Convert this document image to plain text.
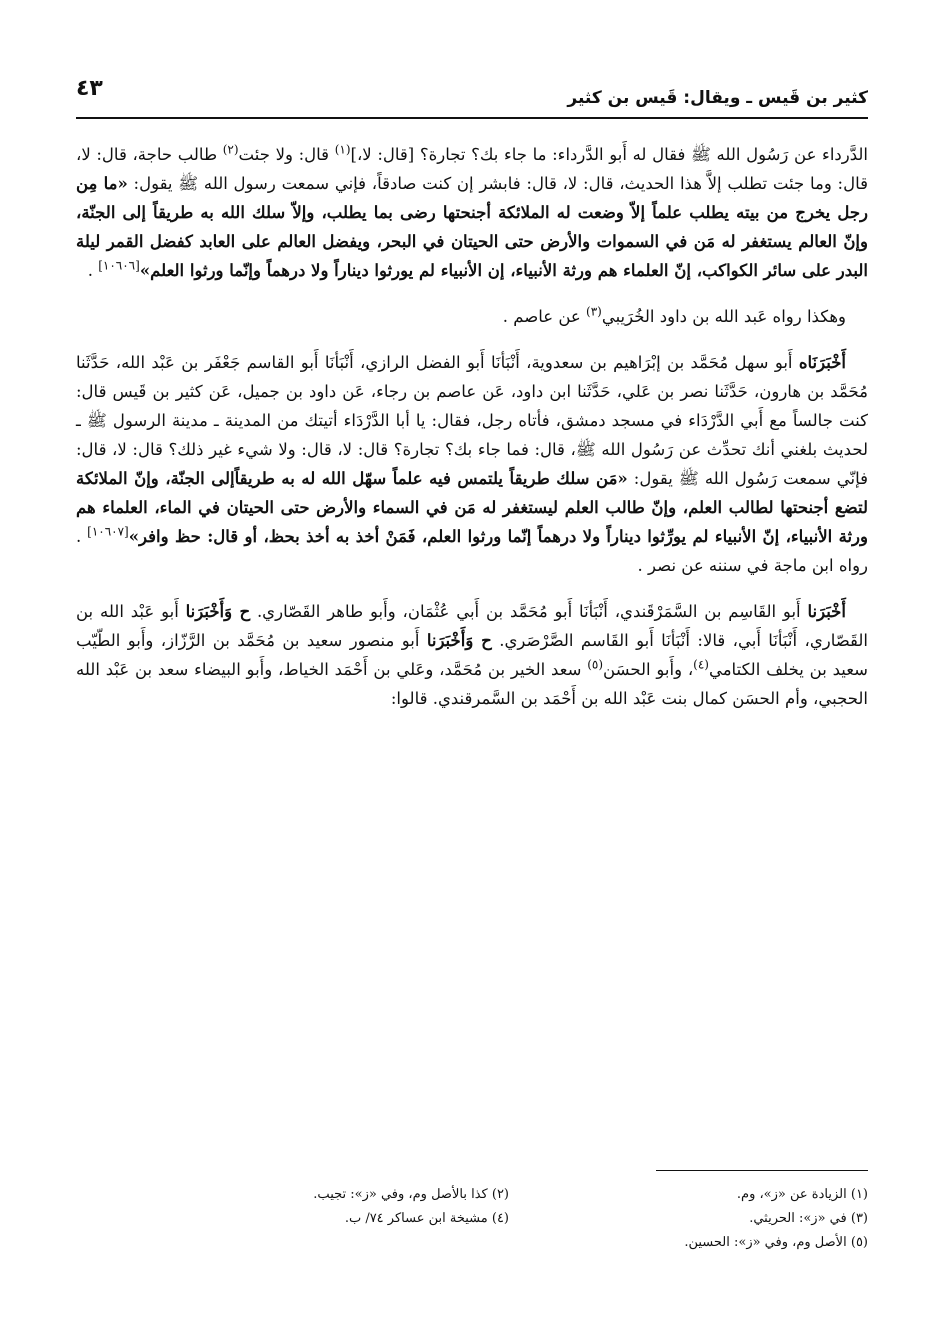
كثير بن قَيس ـ ويقال: قَيس بن كثير
٤٣

الدَّرداء عن رَسُول الله ﷺ فقال له أَبو الدَّرداء: ما جاء بك؟ تجارة؟ [قال: لا،]$^{(١)}$ قال: ولا جئت$^{(٢)}$ طالب حاجة، قال: لا، قال: وما جئت تطلب إلاَّ هذا الحديث، قال: لا، قال: فابشر إن كنت صادقاً، فإني سمعت رسول الله ﷺ يقول: «ما مِن رجل يخرج من بيته يطلب علماً إلاّ وضعت له الملائكة أجنحتها رضى بما يطلب، وإلاّ سلك الله به طريقاً إلى الجنّة، وإنّ العالم يستغفر له مَن في السموات والأرض حتى الحيتان في البحر، ويفضل العالم على العابد كفضل القمر ليلة البدر على سائر الكواكب، إنّ العلماء هم ورثة الأنبياء، إن الأنبياء لم يورثوا ديناراً ولا درهماً وإنّما ورثوا العلم»[١٠٦٠٦] .

وهكذا رواه عَبد الله بن داود الخُرَيبي$^{(٣)}$ عن عاصم .

أَخْبَرَنَاه أَبو سهل مُحَمَّد بن إبْرَاهيم بن سعدوية، أَنْبَأنَا أَبو الفضل الرازي، أَنْبَأنَا أَبو القاسم جَعْفَر بن عَبْد الله، حَدَّثَنا مُحَمَّد بن هارون، حَدَّثَنا نصر بن عَلي، حَدَّثَنا ابن داود، عَن عاصم بن رجاء، عَن داود بن جميل، عَن كثير بن قَيس قال: كنت جالساً مع أَبي الدَّرْدَاء في مسجد دمشق، فأتاه رجل، فقال: يا أبا الدَّرْدَاء أتيتك من المدينة ـ مدينة الرسول ﷺ ـ لحديث بلغني أنك تحدِّث عن رَسُول الله ﷺ، قال: فما جاء بك؟ تجارة؟ قال: لا، قال: ولا شيء غير ذلك؟ قال: لا، قال: فإنّي سمعت رَسُول الله ﷺ يقول: «مَن سلك طريقاً يلتمس فيه علماً سهّل الله له به طريقاًإلى الجنّة، وإنّ الملائكة لتضع أجنحتها لطالب العلم، وإنّ طالب العلم ليستغفر له مَن في السماء والأرض حتى الحيتان في الماء، العلماء هم ورثة الأنبياء، إنّ الأنبياء لم يورِّثوا ديناراً ولا درهماً إنّما ورثوا العلم، فَمَنْ أخذ به أخذ بحظ، أو قال: حظ وافر»[١٠٦٠٧] . رواه ابن ماجة في سننه عن نصر .

أَخْبَرَنا أَبو القَاسِم بن السَّمَرْقَندي، أَنْبَأنَا أَبو مُحَمَّد بن أَبي عُثْمَان، وأَبو طاهر القَصّاري. ح وَأَخْبَرَنا أَبو عَبْد الله بن القَصّاري، أَنْبَأنَا أَبي، قالا: أَنْبَأنَا أَبو القَاسم الصَّرْصَري. ح وَأَخْبَرَنا أَبو منصور سعيد بن مُحَمَّد بن الرَّزّاز، وأَبو الطّيّب سعيد بن يخلف الكتامي$^{(٤)}$، وأَبو الحسَن$^{(٥)}$ سعد الخير بن مُحَمَّد، وعَلي بن أَحْمَد الخياط، وأَبو البيضاء سعد بن عَبْد الله الحجبي، وأم الحسَن كمال بنت عَبْد الله بن أَحْمَد بن السَّمرقندي. قالوا:

(١) الزيادة عن «ز»، وم.
(٢) كذا بالأصل وم، وفي «ز»: تجيب.
(٣) في «ز»: الحريثي.
(٤) مشيخة ابن عساكر ٧٤/ ب.
(٥) الأصل وم، وفي «ز»: الحسين.
